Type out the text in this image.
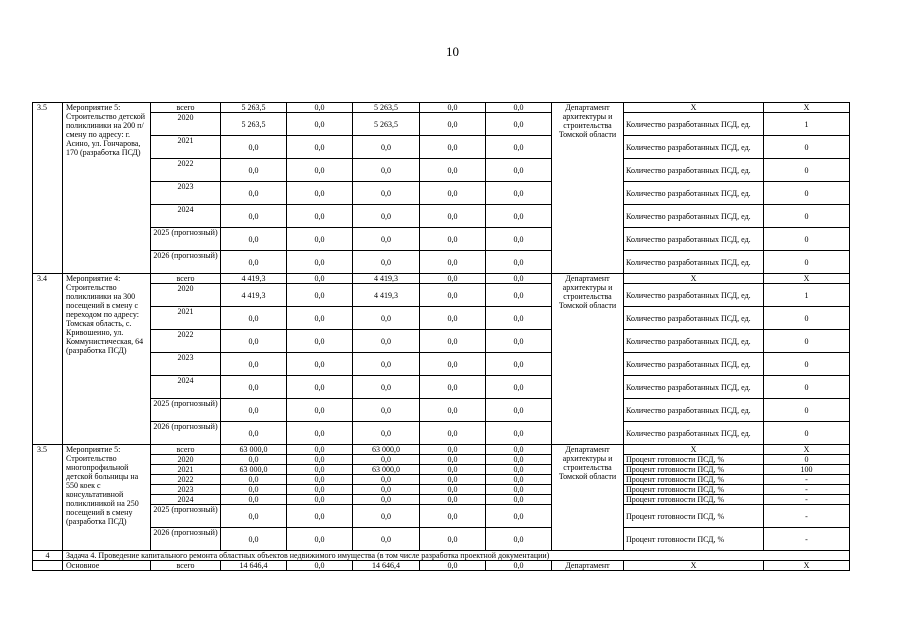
10
3.5	Мероприятие 5: Строительство детской поликлиники на 200 п/смену по адресу: г. Асино, ул. Гончарова, 170 (разработка ПСД)	всего	5 263,5	0,0	5 263,5	0,0	0,0	Департамент архитектуры и строительства Томской области	Х	Х
		2020	5 263,5	0,0	5 263,5	0,0	0,0		Количество разработанных ПСД, ед.	1
		2021	0,0	0,0	0,0	0,0	0,0		Количество разработанных ПСД, ед.	0
		2022	0,0	0,0	0,0	0,0	0,0		Количество разработанных ПСД, ед.	0
		2023	0,0	0,0	0,0	0,0	0,0		Количество разработанных ПСД, ед.	0
		2024	0,0	0,0	0,0	0,0	0,0		Количество разработанных ПСД, ед.	0
		2025 (прогнозный)	0,0	0,0	0,0	0,0	0,0		Количество разработанных ПСД, ед.	0
		2026 (прогнозный)	0,0	0,0	0,0	0,0	0,0		Количество разработанных ПСД, ед.	0
3.4	Мероприятие 4: Строительство поликлиники на 300 посещений в смену с переходом по адресу: Томская область, с. Кривошеино, ул. Коммунистическая, 64 (разработка ПСД)	всего	4 419,3	0,0	4 419,3	0,0	0,0	Департамент архитектуры и строительства Томской области	Х	Х
		2020	4 419,3	0,0	4 419,3	0,0	0,0		Количество разработанных ПСД, ед.	1
		2021	0,0	0,0	0,0	0,0	0,0		Количество разработанных ПСД, ед.	0
		2022	0,0	0,0	0,0	0,0	0,0		Количество разработанных ПСД, ед.	0
		2023	0,0	0,0	0,0	0,0	0,0		Количество разработанных ПСД, ед.	0
		2024	0,0	0,0	0,0	0,0	0,0		Количество разработанных ПСД, ед.	0
		2025 (прогнозный)	0,0	0,0	0,0	0,0	0,0		Количество разработанных ПСД, ед.	0
		2026 (прогнозный)	0,0	0,0	0,0	0,0	0,0		Количество разработанных ПСД, ед.	0
3.5	Мероприятие 5: Строительство многопрофильной детской больницы на 550 коек с консультативной поликлиникой на 250 посещений в смену (разработка ПСД)	всего	63 000,0	0,0	63 000,0	0,0	0,0	Департамент архитектуры и строительства Томской области	Х	Х
		2020	0,0	0,0	0,0	0,0	0,0		Процент готовности ПСД, %	0
		2021	63 000,0	0,0	63 000,0	0,0	0,0		Процент готовности ПСД, %	100
		2022	0,0	0,0	0,0	0,0	0,0		Процент готовности ПСД, %	-
		2023	0,0	0,0	0,0	0,0	0,0		Процент готовности ПСД, %	-
		2024	0,0	0,0	0,0	0,0	0,0		Процент готовности ПСД, %	-
		2025 (прогнозный)	0,0	0,0	0,0	0,0	0,0		Процент готовности ПСД, %	-
		2026 (прогнозный)	0,0	0,0	0,0	0,0	0,0		Процент готовности ПСД, %	-
4	Задача 4. Проведение капитального ремонта областных объектов недвижимого имущества (в том числе разработка проектной документации)									
	Основное	всего	14 646,4	0,0	14 646,4	0,0	0,0	Департамент	Х	Х
